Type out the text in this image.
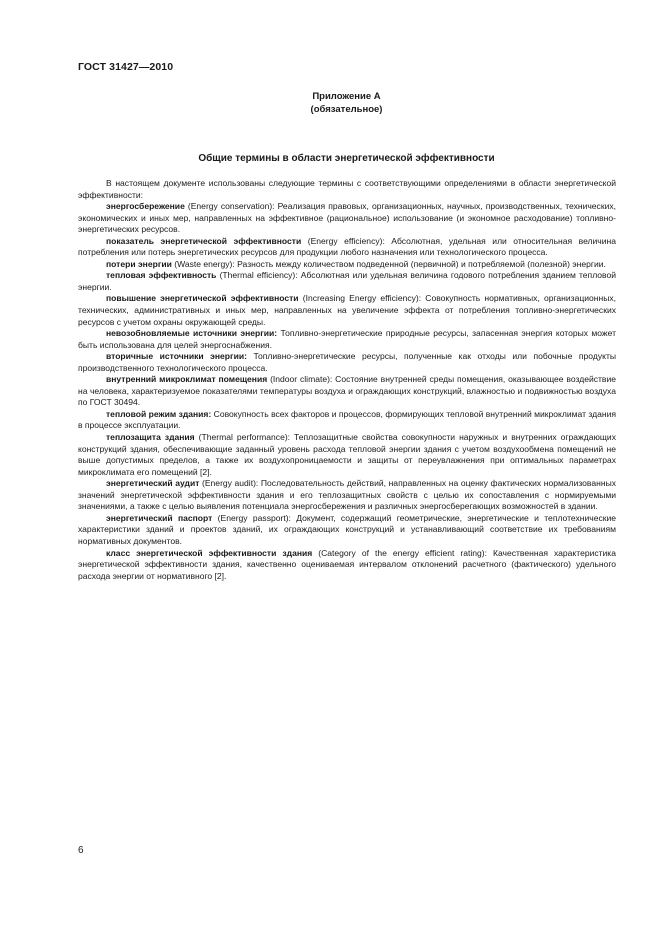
ГОСТ 31427—2010
Приложение А
(обязательное)
Общие термины в области энергетической эффективности

В настоящем документе использованы следующие термины с соответствующими определениями в области энергетической эффективности:

энергосбережение (Energy conservation): Реализация правовых, организационных, научных, производственных, технических, экономических и иных мер, направленных на эффективное (рациональное) использование (и экономное расходование) топливно-энергетических ресурсов.

показатель энергетической эффективности (Energy efficiency): Абсолютная, удельная или относительная величина потребления или потерь энергетических ресурсов для продукции любого назначения или технологического процесса.

потери энергии (Waste energy): Разность между количеством подведенной (первичной) и потребляемой (полезной) энергии.

тепловая эффективность (Thermal efficiency): Абсолютная или удельная величина годового потребления зданием тепловой энергии.

повышение энергетической эффективности (Increasing Energy efficiency): Совокупность нормативных, организационных, технических, административных и иных мер, направленных на увеличение эффекта от потребления топливно-энергетических ресурсов с учетом охраны окружающей среды.

невозобновляемые источники энергии: Топливно-энергетические природные ресурсы, запасенная энергия которых может быть использована для целей энергоснабжения.

вторичные источники энергии: Топливно-энергетические ресурсы, полученные как отходы или побочные продукты производственного технологического процесса.

внутренний микроклимат помещения (Indoor climate): Состояние внутренней среды помещения, оказывающее воздействие на человека, характеризуемое показателями температуры воздуха и ограждающих конструкций, влажностью и подвижностью воздуха по ГОСТ 30494.

тепловой режим здания: Совокупность всех факторов и процессов, формирующих тепловой внутренний микроклимат здания в процессе эксплуатации.

теплозащита здания (Thermal performance): Теплозащитные свойства совокупности наружных и внутренних ограждающих конструкций здания, обеспечивающие заданный уровень расхода тепловой энергии здания с учетом воздухообмена помещений не выше допустимых пределов, а также их воздухопроницаемости и защиты от переувлажнения при оптимальных параметрах микроклимата его помещений [2].

энергетический аудит (Energy audit): Последовательность действий, направленных на оценку фактических нормализованных значений энергетической эффективности здания и его теплозащитных свойств с целью их сопоставления с нормируемыми значениями, а также с целью выявления потенциала энергосбережения и различных энергосберегающих возможностей в здании.

энергетический паспорт (Energy passport): Документ, содержащий геометрические, энергетические и теплотехнические характеристики зданий и проектов зданий, их ограждающих конструкций и устанавливающий соответствие их требованиям нормативных документов.

класс энергетической эффективности здания (Category of the energy efficient rating): Качественная характеристика энергетической эффективности здания, качественно оцениваемая интервалом отклонений расчетного (фактического) удельного расхода энергии от нормативного [2].

6
